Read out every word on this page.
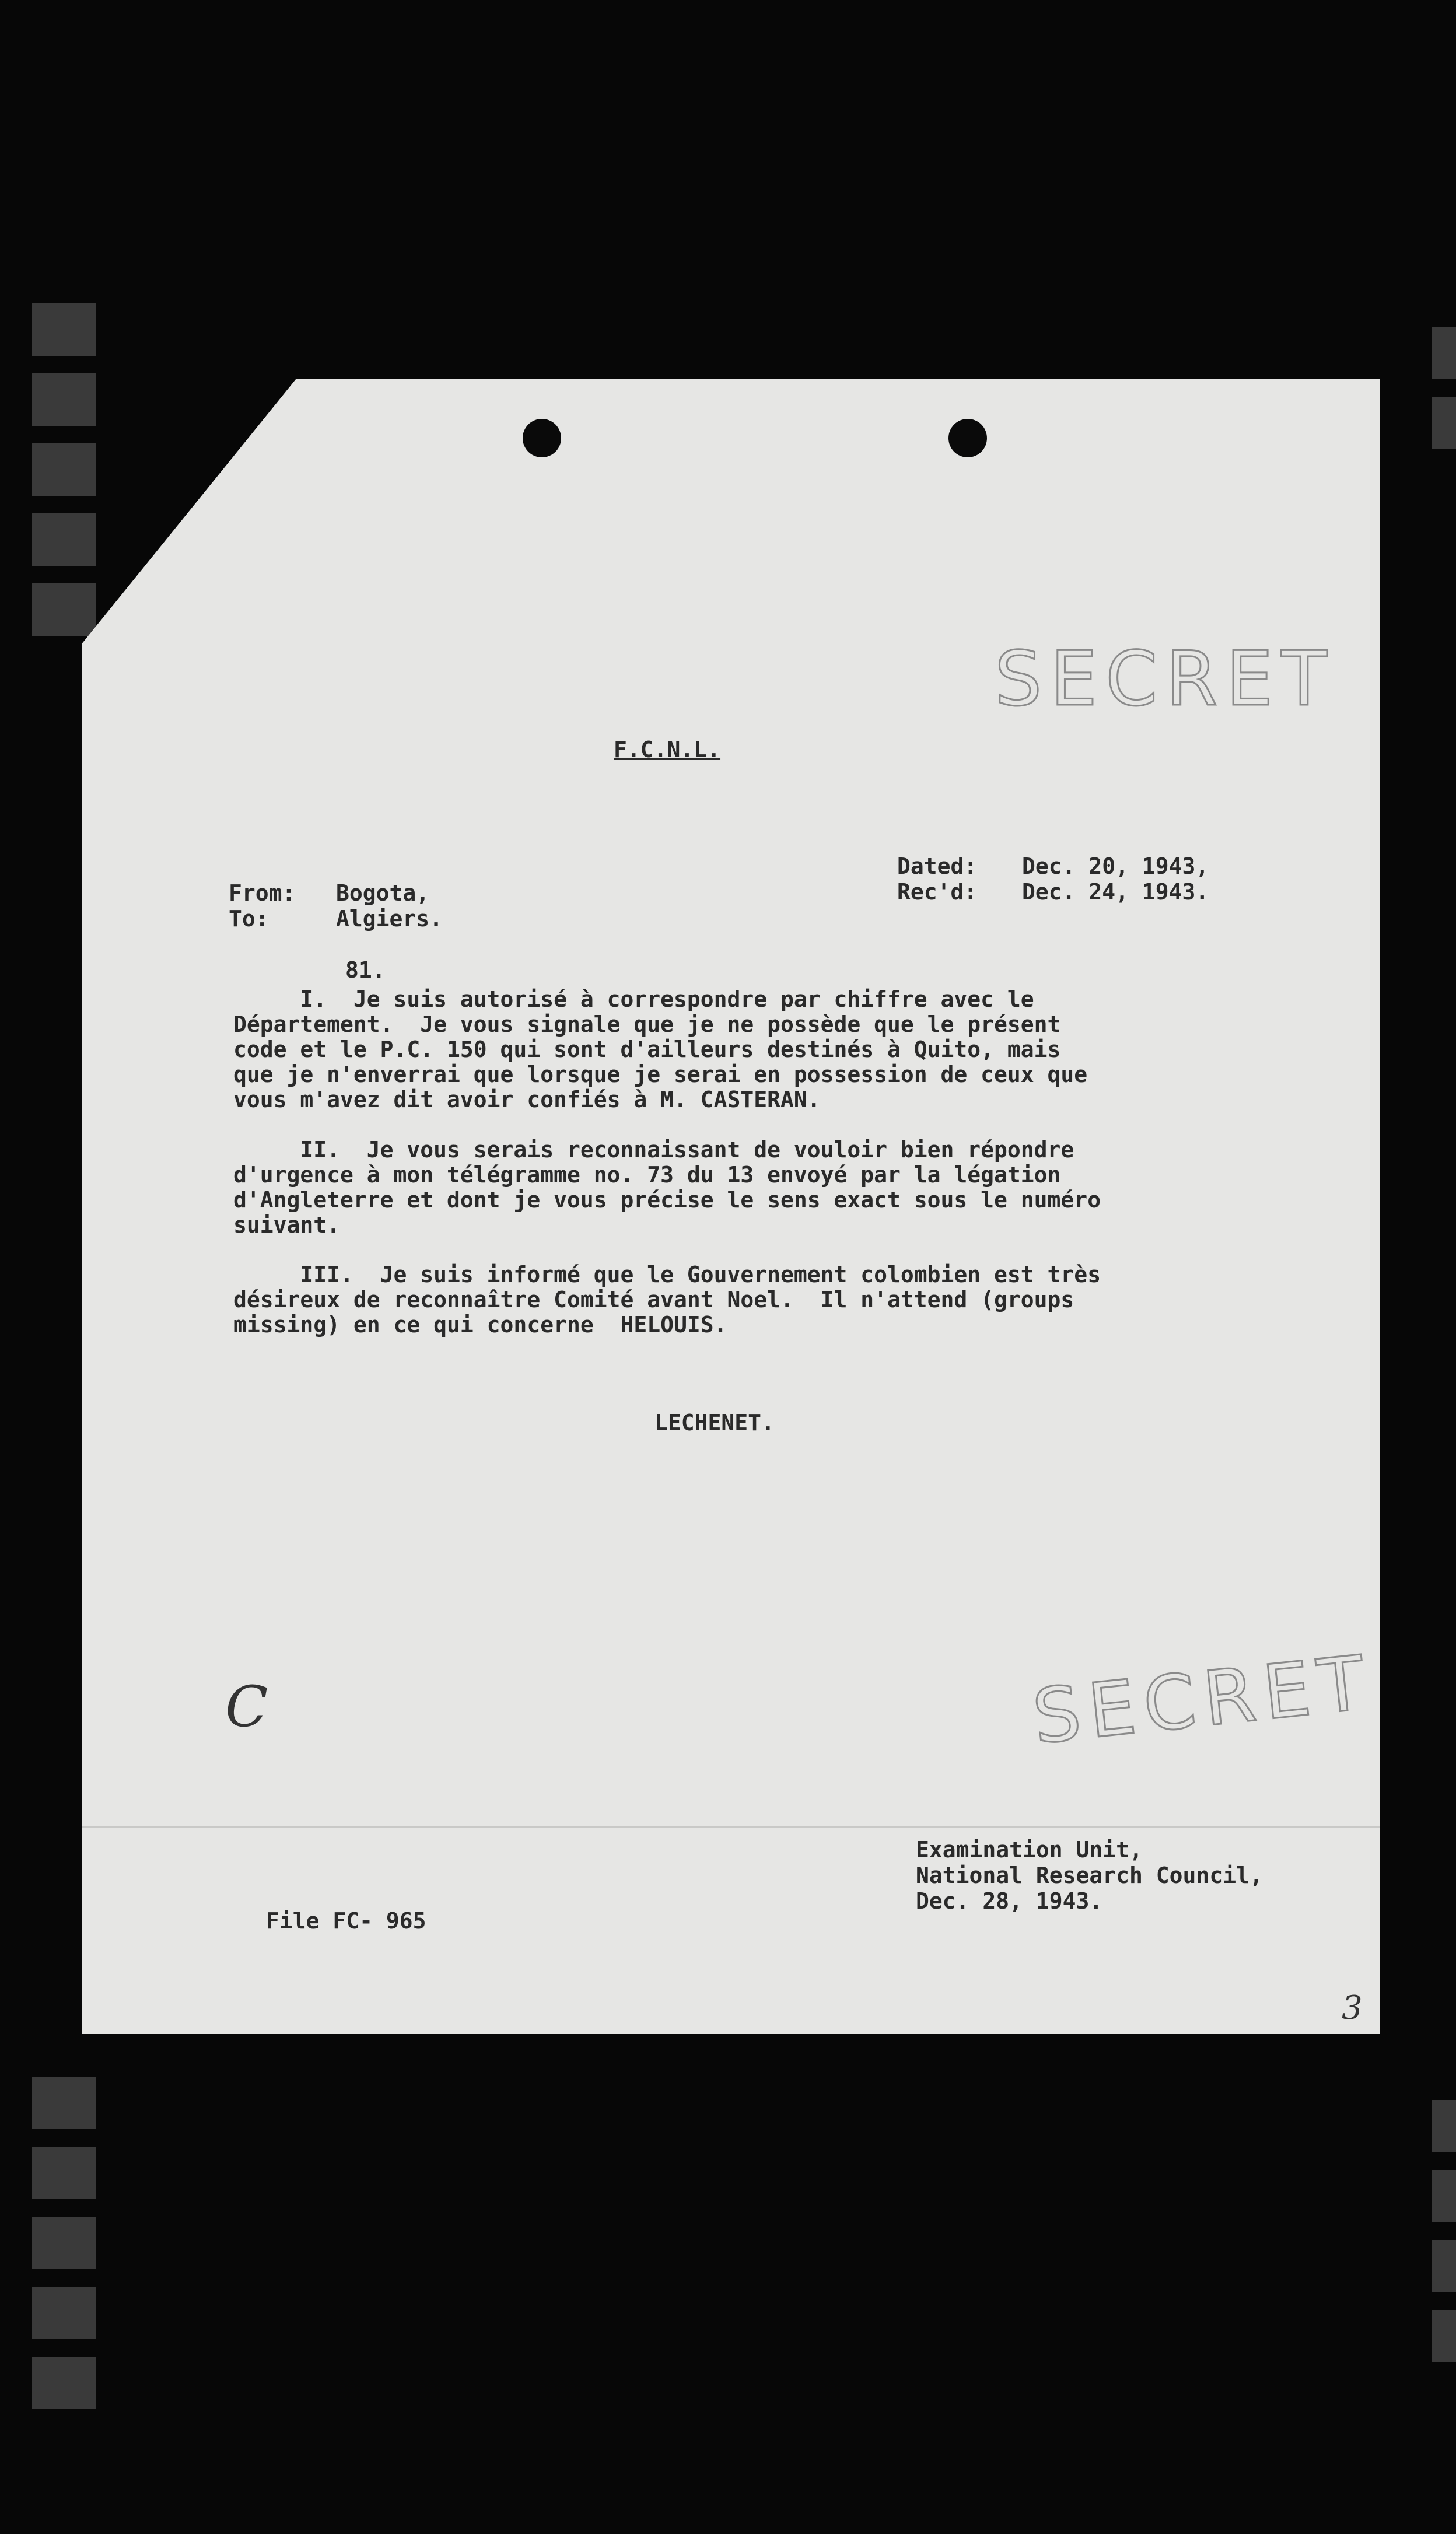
SECRET
F.C.N.L.
Dated: Dec. 20, 1943,
Rec'd: Dec. 24, 1943.
From: Bogota,
To:	Algiers.
81.
I.  Je suis autorisé à correspondre par chiffre avec le
Département.  Je vous signale que je ne possède que le présent
code et le P.C. 150 qui sont d'ailleurs destinés à Quito, mais
que je n'enverrai que lorsque je serai en possession de ceux que
vous m'avez dit avoir confiés à M. CASTERAN.
II.  Je vous serais reconnaissant de vouloir bien répondre
d'urgence à mon télégramme no. 73 du 13 envoyé par la légation
d'Angleterre et dont je vous précise le sens exact sous le numéro
suivant.
III.  Je suis informé que le Gouvernement colombien est très
désireux de reconnaître Comité avant Noel.  Il n'attend (groups
missing) en ce qui concerne  HELOUIS.
LECHENET.
C	SECRET
Examination Unit,
National Research Council,
Dec. 28, 1943.
File FC- 965
3
